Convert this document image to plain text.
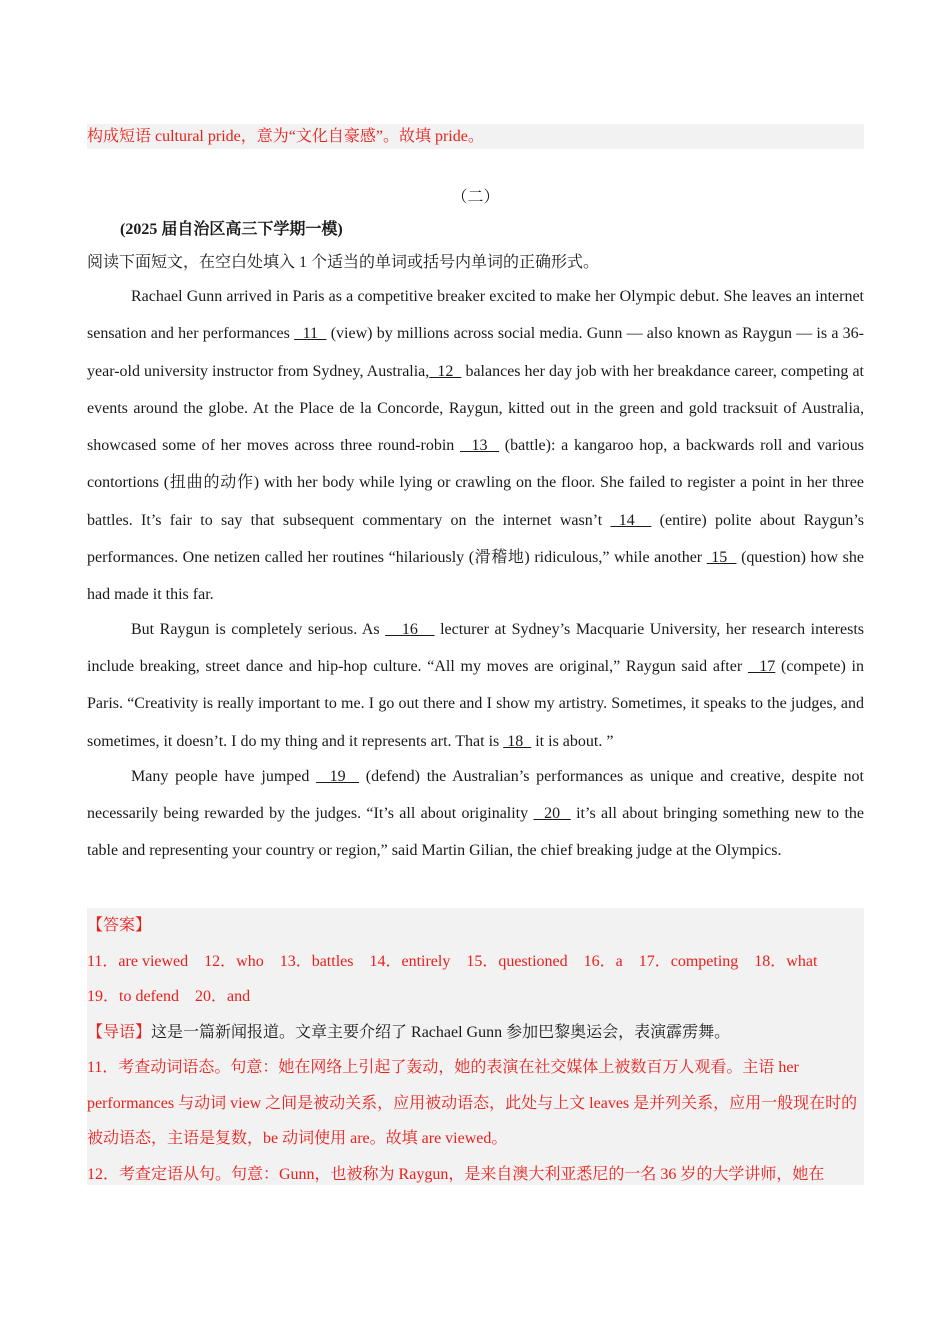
构成短语 cultural pride，意为“文化自豪感”。故填 pride。
（二）
(2025 届自治区高三下学期一模)
阅读下面短文，在空白处填入 1 个适当的单词或括号内单词的正确形式。

Rachael Gunn arrived in Paris as a competitive breaker excited to make her Olympic debut. She leaves an internet sensation and her performances   11   (view) by millions across social media. Gunn — also known as Raygun — is a 36-year-old university instructor from Sydney, Australia,  12   balances her day job with her breakdance career, competing at events around the globe. At the Place de la Concorde, Raygun, kitted out in the green and gold tracksuit of Australia, showcased some of her moves across three round-robin   13   (battle): a kangaroo hop, a backwards roll and various contortions (扭曲的动作) with her body while lying or crawling on the floor. She failed to register a point in her three battles. It’s fair to say that subsequent commentary on the internet wasn’t  14   (entire) polite about Raygun’s performances. One netizen called her routines “hilariously (滑稽地) ridiculous,” while another  15   (question) how she had made it this far.

But Raygun is completely serious. As    16    lecturer at Sydney’s Macquarie University, her research interests include breaking, street dance and hip-hop culture. “All my moves are original,” Raygun said after   17 (compete) in Paris. “Creativity is really important to me. I go out there and I show my artistry. Sometimes, it speaks to the judges, and sometimes, it doesn’t. I do my thing and it represents art. That is  18   it is about. ”

Many people have jumped   19   (defend) the Australian’s performances as unique and creative, despite not necessarily being rewarded by the judges. “It’s all about originality   20   it’s all about bringing something new to the table and representing your country or region,” said Martin Gilian, the chief breaking judge at the Olympics.

【答案】
11．are viewed    12．who    13．battles    14．entirely    15．questioned    16．a    17．competing    18．what
19．to defend    20．and
【导语】这是一篇新闻报道。文章主要介绍了 Rachael Gunn 参加巴黎奥运会，表演霹雳舞。
11．考查动词语态。句意：她在网络上引起了轰动，她的表演在社交媒体上被数百万人观看。主语 her performances 与动词 view 之间是被动关系，应用被动语态，此处与上文 leaves 是并列关系，应用一般现在时的被动语态，主语是复数，be 动词使用 are。故填 are viewed。
12．考查定语从句。句意：Gunn，也被称为 Raygun，是来自澳大利亚悉尼的一名 36 岁的大学讲师，她在
